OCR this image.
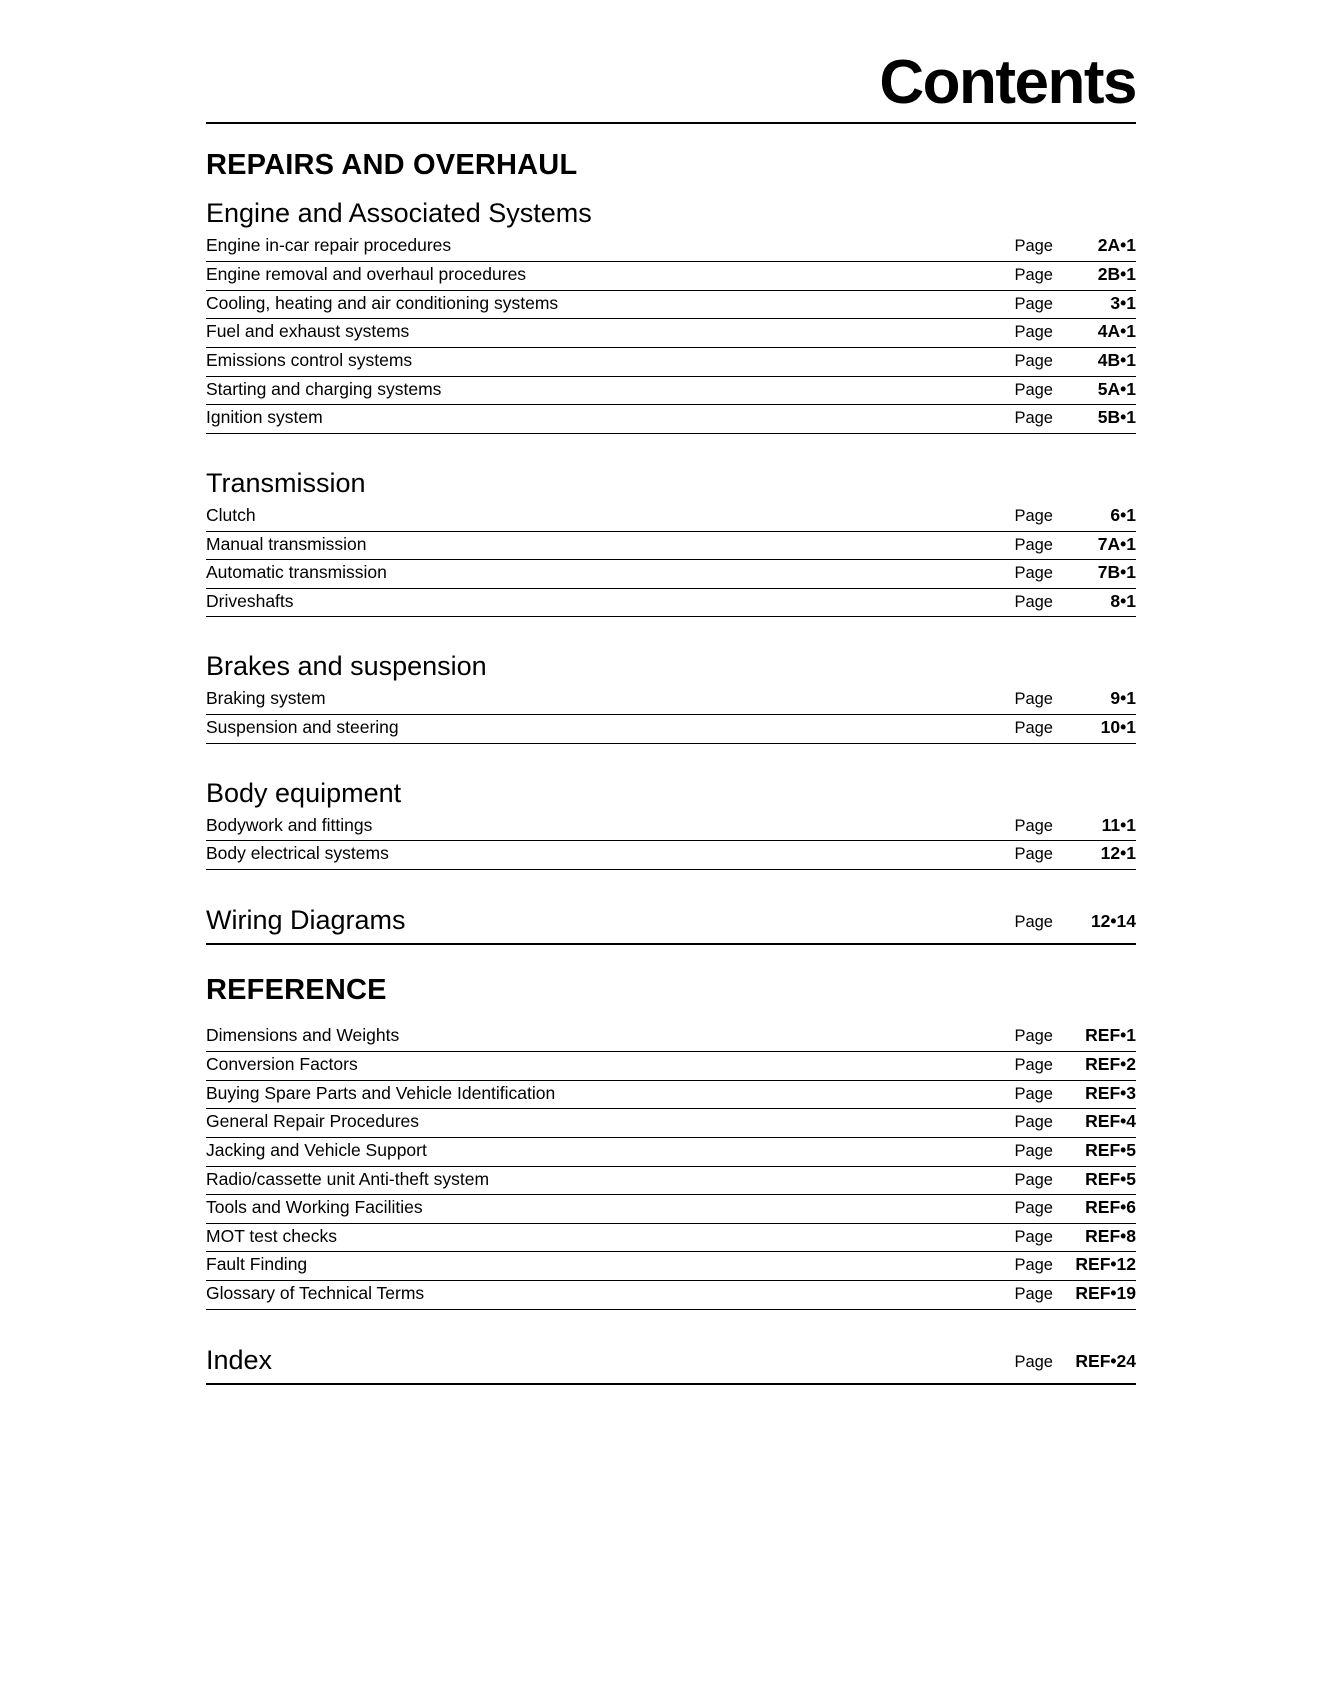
Contents
REPAIRS AND OVERHAUL
Engine and Associated Systems
Engine in-car repair procedures	Page	2A•1
Engine removal and overhaul procedures	Page	2B•1
Cooling, heating and air conditioning systems	Page	3•1
Fuel and exhaust systems	Page	4A•1
Emissions control systems	Page	4B•1
Starting and charging systems	Page	5A•1
Ignition system	Page	5B•1
Transmission
Clutch	Page	6•1
Manual transmission	Page	7A•1
Automatic transmission	Page	7B•1
Driveshafts	Page	8•1
Brakes and suspension
Braking system	Page	9•1
Suspension and steering	Page	10•1
Body equipment
Bodywork and fittings	Page	11•1
Body electrical systems	Page	12•1
Wiring Diagrams	Page	12•14
REFERENCE
Dimensions and Weights	Page	REF•1
Conversion Factors	Page	REF•2
Buying Spare Parts and Vehicle Identification	Page	REF•3
General Repair Procedures	Page	REF•4
Jacking and Vehicle Support	Page	REF•5
Radio/cassette unit Anti-theft system	Page	REF•5
Tools and Working Facilities	Page	REF•6
MOT test checks	Page	REF•8
Fault Finding	Page	REF•12
Glossary of Technical Terms	Page	REF•19
Index	Page	REF•24
